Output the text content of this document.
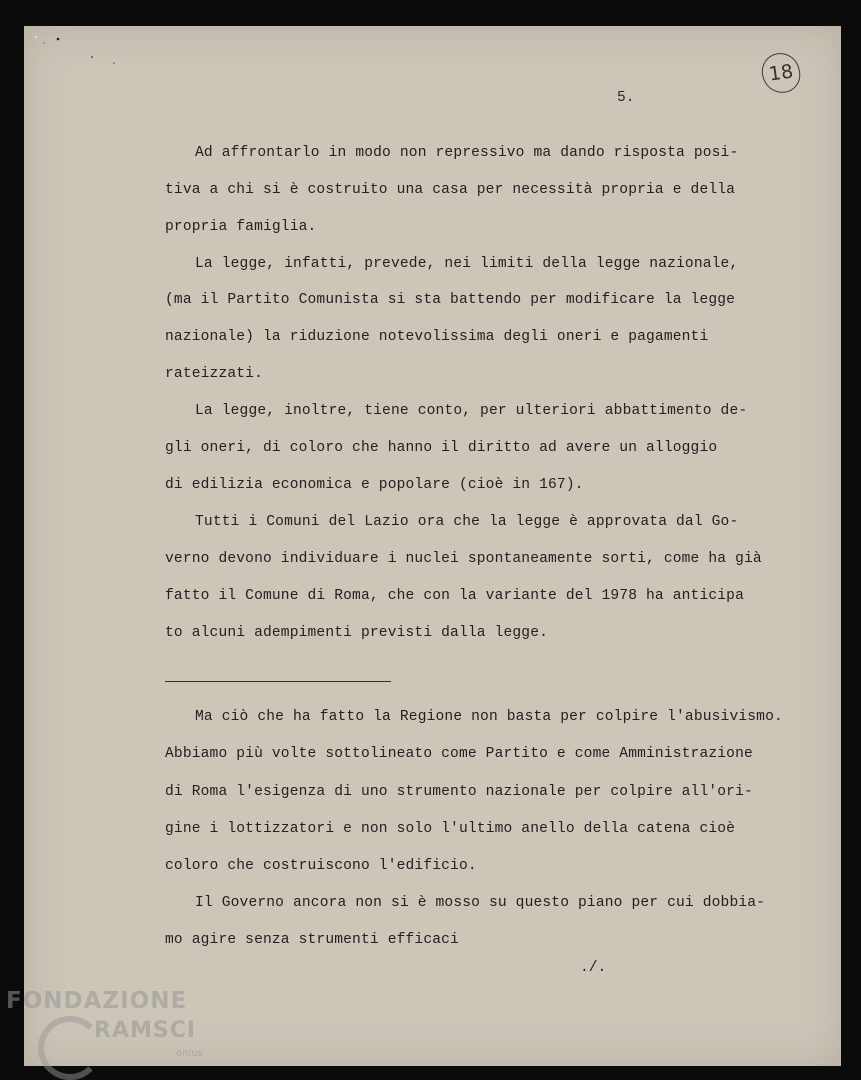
5.
18
Ad affrontarlo in modo non repressivo ma dando risposta posi-
tiva a chi si è costruito una casa per necessità propria e della
propria famiglia.
La legge, infatti, prevede, nei limiti della legge nazionale,
(ma il Partito Comunista si sta battendo per modificare la legge
nazionale) la riduzione notevolissima degli oneri e pagamenti
rateizzati.
La legge, inoltre, tiene conto, per ulteriori abbattimento de-
gli oneri, di coloro che hanno il diritto ad avere un alloggio
di edilizia economica e popolare (cioè in 167).
Tutti i Comuni del Lazio ora che la legge è approvata dal Go-
verno devono individuare i nuclei spontaneamente sorti, come ha già
fatto il Comune di Roma, che con la variante del 1978 ha anticipa
to alcuni adempimenti previsti dalla legge.
Ma ciò che ha fatto la Regione non basta per colpire l'abusivismo.
Abbiamo più volte sottolineato come Partito e come Amministrazione
di Roma l'esigenza di uno strumento nazionale per colpire all'ori-
gine i lottizzatori e non solo l'ultimo anello della catena cioè
coloro che costruiscono l'edificio.
Il Governo ancora non si è mosso su questo piano per cui dobbia-
mo agire senza strumenti efficaci
./.
FONDAZIONE
RAMSCI
onlus
